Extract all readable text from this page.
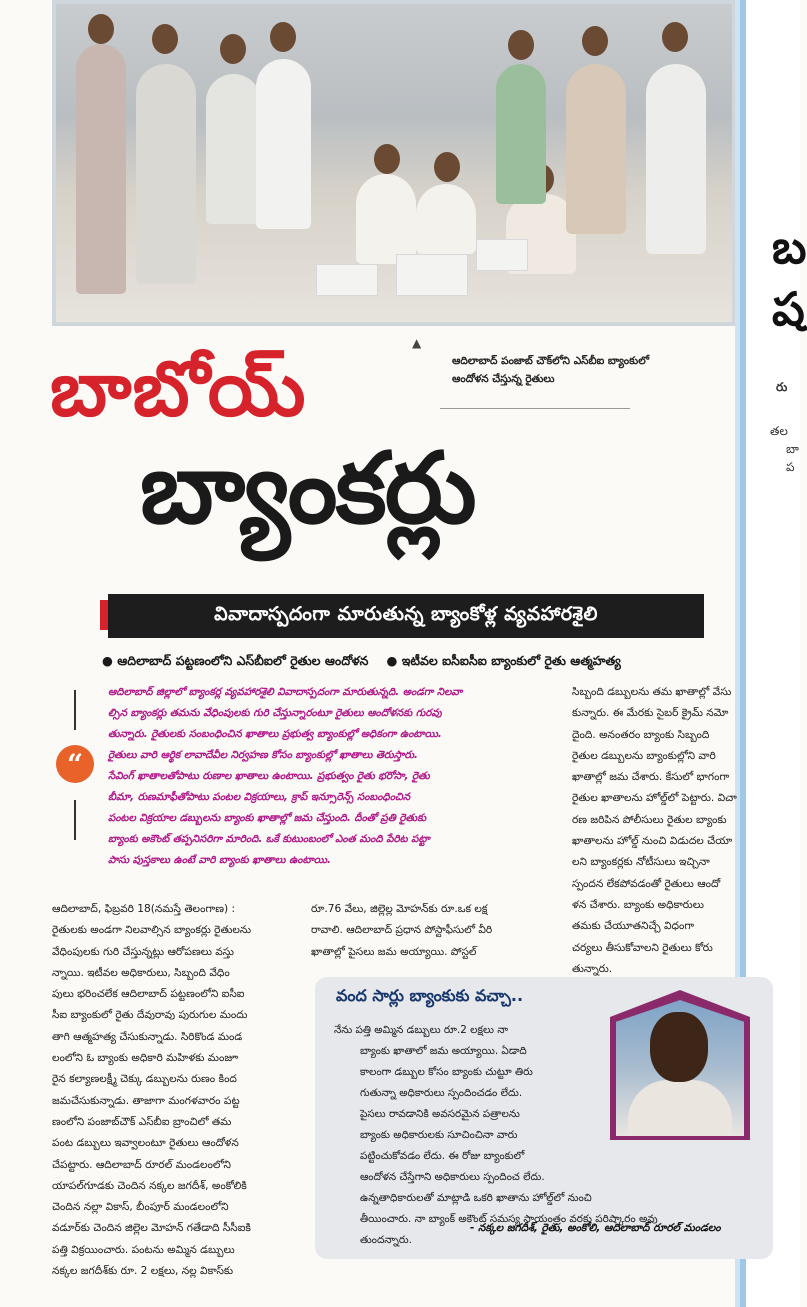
బ
ష
రు
తల
బా
ప
▲
ఆదిలాబాద్ పంజాబ్ చౌక్‌లోని ఎస్‌బీఐ బ్యాంకులో ఆందోళన చేస్తున్న రైతులు
బాబోయ్
బ్యాంకర్లు
వివాదాస్పదంగా మారుతున్న బ్యాంకోళ్ల వ్యవహారశైలి
● ఆదిలాబాద్ పట్టణంలోని ఎస్‌బీఐలో రైతుల ఆందోళన ● ఇటీవల ఐసీఐసీఐ బ్యాంకులో రైతు ఆత్మహత్య
“
ఆదిలాబాద్ జిల్లాలో బ్యాంకర్ల వ్యవహారశైలి వివాదాస్పదంగా మారుతున్నది. అండగా నిలవా
ల్సిన బ్యాంకర్లు తమను వేధింపులకు గురి చేస్తున్నారంటూ రైతులు ఆందోళనకు గురవు
తున్నారు. రైతులకు సంబంధించిన ఖాతాలు ప్రభుత్వ బ్యాంకుల్లో అధికంగా ఉంటాయి.
రైతులు వారి ఆర్థిక లావాదేవీల నిర్వహణ కోసం బ్యాంకుల్లో ఖాతాలు తెరుస్తారు.
సేవింగ్ ఖాతాలతోపాటు రుణాల ఖాతాలు ఉంటాయి. ప్రభుత్వం రైతు భరోసా, రైతు
బీమా, రుణమాఫీతోపాటు పంటల విక్రయాలు, క్రాప్ ఇన్సూరెన్స్ సంబంధించిన
పంటల విక్రయాల డబ్బులను బ్యాంకు ఖాతాల్లో జమ చేస్తుంది. దీంతో ప్రతి రైతుకు
బ్యాంకు అకౌంట్ తప్పనిసరిగా మారింది. ఒకే కుటుంబంలో ఎంత మంది పేరిట పట్టా
పాసు పుస్తకాలు ఉంటే వారి బ్యాంకు ఖాతాలు ఉంటాయి.
ఆదిలాబాద్, ఫిబ్రవరి 18(నమస్తే తెలంగాణ) :
రైతులకు అండగా నిలవాల్సిన బ్యాంకర్లు రైతులను
వేధింపులకు గురి చేస్తున్నట్లు ఆరోపణలు వస్తు
న్నాయి. ఇటీవల అధికారులు, సిబ్బంది వేధిం
పులు భరించలేక ఆదిలాబాద్ పట్టణంలోని ఐసీఐ
సీఐ బ్యాంకులో రైతు దేవురావు పురుగుల మందు
తాగి ఆత్మహత్య చేసుకున్నాడు. సిరికొండ మండ
లంలోని ఓ బ్యాంకు అధికారి మహిళకు మంజూ
రైన కల్యాణలక్ష్మీ చెక్కు డబ్బులను రుణం కింద
జమచేసుకున్నాడు. తాజాగా మంగళవారం పట్ట
ణంలోని పంజాబ్‌చౌక్ ఎస్‌బీఐ బ్రాంచిలో తమ
పంట డబ్బులు ఇవ్వాలంటూ రైతులు ఆందోళన
చేపట్టారు. ఆదిలాబాద్ రూరల్ మండలంలోని
యాపల్‌గూడకు చెందిన నక్కల జగదీశ్, అంకోలికి
చెందిన నల్లా వికాస్, బీంపూర్ మండలంలోని
వడూర్‌కు చెందిన జిల్లెల మోహన్ గతేడాది సీసీఐకి
పత్తి విక్రయించారు. పంటను అమ్మిన డబ్బులు
నక్కల జగదీశ్‌కు రూ. 2 లక్షలు, నల్ల వికాస్‌కు
రూ.76 వేలు, జిల్లెల్ల మోహన్‌కు రూ.ఒక లక్ష
రావాలి. ఆదిలాబాద్ ప్రధాన పోస్టాఫీసులో వీరి
ఖాతాల్లో పైసలు జమ అయ్యాయి. పోస్టల్
సిబ్బంది డబ్బులను తమ ఖాతాల్లో వేసు
కున్నారు. ఈ మేరకు సైబర్ క్రైమ్ నమో
దైంది. అనంతరం బ్యాంకు సిబ్బంది
రైతుల డబ్బులను బ్యాంకుల్లోని వారి
ఖాతాల్లో జమ చేశారు. కేసులో భాగంగా
రైతుల ఖాతాలను హోల్డ్‌లో పెట్టారు. విచా
రణ జరిపిన పోలీసులు రైతుల బ్యాంకు
ఖాతాలను హోల్డ్ నుంచి విడుదల చేయా
లని బ్యాంకర్లకు నోటీసులు ఇచ్చినా
స్పందన లేకపోవడంతో రైతులు ఆందో
ళన చేశారు. బ్యాంకు అధికారులు
తమకు చేయూతనిచ్చే విధంగా
చర్యలు తీసుకోవాలని రైతులు కోరు
తున్నారు.
వంద సార్లు బ్యాంకుకు వచ్చా..
నేను పత్తి అమ్మిన డబ్బులు రూ.2 లక్షలు నా
బ్యాంకు ఖాతాలో జమ అయ్యాయి. ఏడాది
కాలంగా డబ్బుల కోసం బ్యాంకు చుట్టూ తిరు
గుతున్నా అధికారులు స్పందించడం లేదు.
పైసలు రావడానికి అవసరమైన పత్రాలను
బ్యాంకు అధికారులకు సూచించినా వారు
పట్టించుకోవడం లేదు. ఈ రోజు బ్యాంకులో
ఆందోళన చేస్తేగాని అధికారులు స్పందించ లేదు.
ఉన్నతాధికారులతో మాట్లాడి ఒకరి ఖాతాను హోల్డ్‌లో నుంచి
తీయించారు. నా బ్యాంక్ అకౌంట్ సమస్య సాయంత్రం వరకు పరిష్కారం అవు
తుందన్నారు.
- నక్కల జగదీశ్, రైతు, అంకోలి, ఆదిలాబాద్ రూరల్ మండలం
